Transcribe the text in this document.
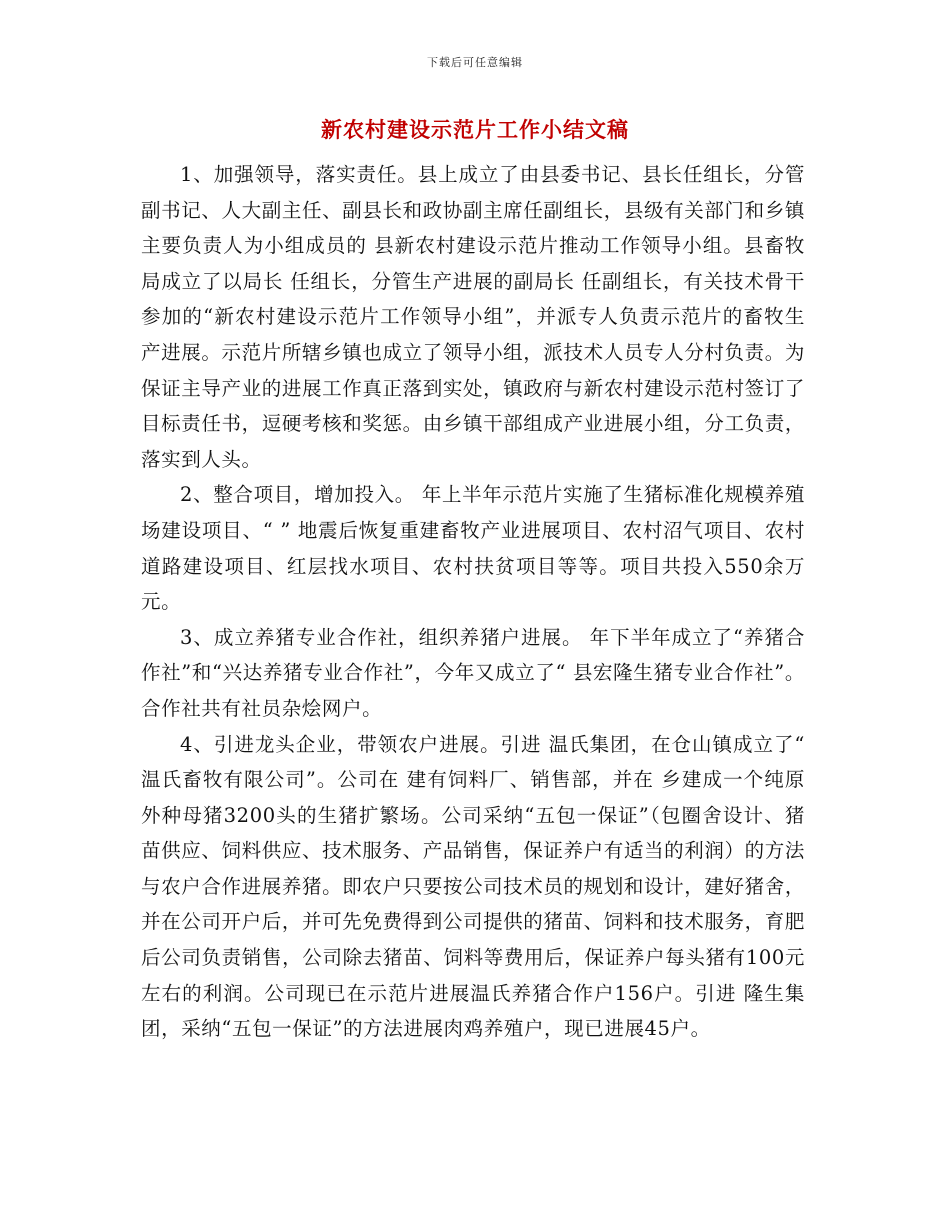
下载后可任意编辑
新农村建设示范片工作小结文稿

1、加强领导，落实责任。县上成立了由县委书记、县长任组长，分管副书记、人大副主任、副县长和政协副主席任副组长，县级有关部门和乡镇主要负责人为小组成员的 县新农村建设示范片推动工作领导小组。县畜牧局成立了以局长 任组长，分管生产进展的副局长 任副组长，有关技术骨干参加的“新农村建设示范片工作领导小组”，并派专人负责示范片的畜牧生产进展。示范片所辖乡镇也成立了领导小组，派技术人员专人分村负责。为保证主导产业的进展工作真正落到实处，镇政府与新农村建设示范村签订了目标责任书，逗硬考核和奖惩。由乡镇干部组成产业进展小组，分工负责，落实到人头。

2、整合项目，增加投入。 年上半年示范片实施了生猪标准化规模养殖场建设项目、“ ” 地震后恢复重建畜牧产业进展项目、农村沼气项目、农村道路建设项目、红层找水项目、农村扶贫项目等等。项目共投入550余万元。

3、成立养猪专业合作社，组织养猪户进展。 年下半年成立了“养猪合作社”和“兴达养猪专业合作社”，今年又成立了“ 县宏隆生猪专业合作社”。合作社共有社员杂烩网户。

4、引进龙头企业，带领农户进展。引进 温氏集团，在仓山镇成立了“ 温氏畜牧有限公司”。公司在 建有饲料厂、销售部，并在 乡建成一个纯原外种母猪3200头的生猪扩繁场。公司采纳“五包一保证”（包圈舍设计、猪苗供应、饲料供应、技术服务、产品销售，保证养户有适当的利润）的方法与农户合作进展养猪。即农户只要按公司技术员的规划和设计，建好猪舍，并在公司开户后，并可先免费得到公司提供的猪苗、饲料和技术服务，育肥后公司负责销售，公司除去猪苗、饲料等费用后，保证养户每头猪有100元左右的利润。公司现已在示范片进展温氏养猪合作户156户。引进 隆生集团，采纳“五包一保证”的方法进展肉鸡养殖户，现已进展45户。
